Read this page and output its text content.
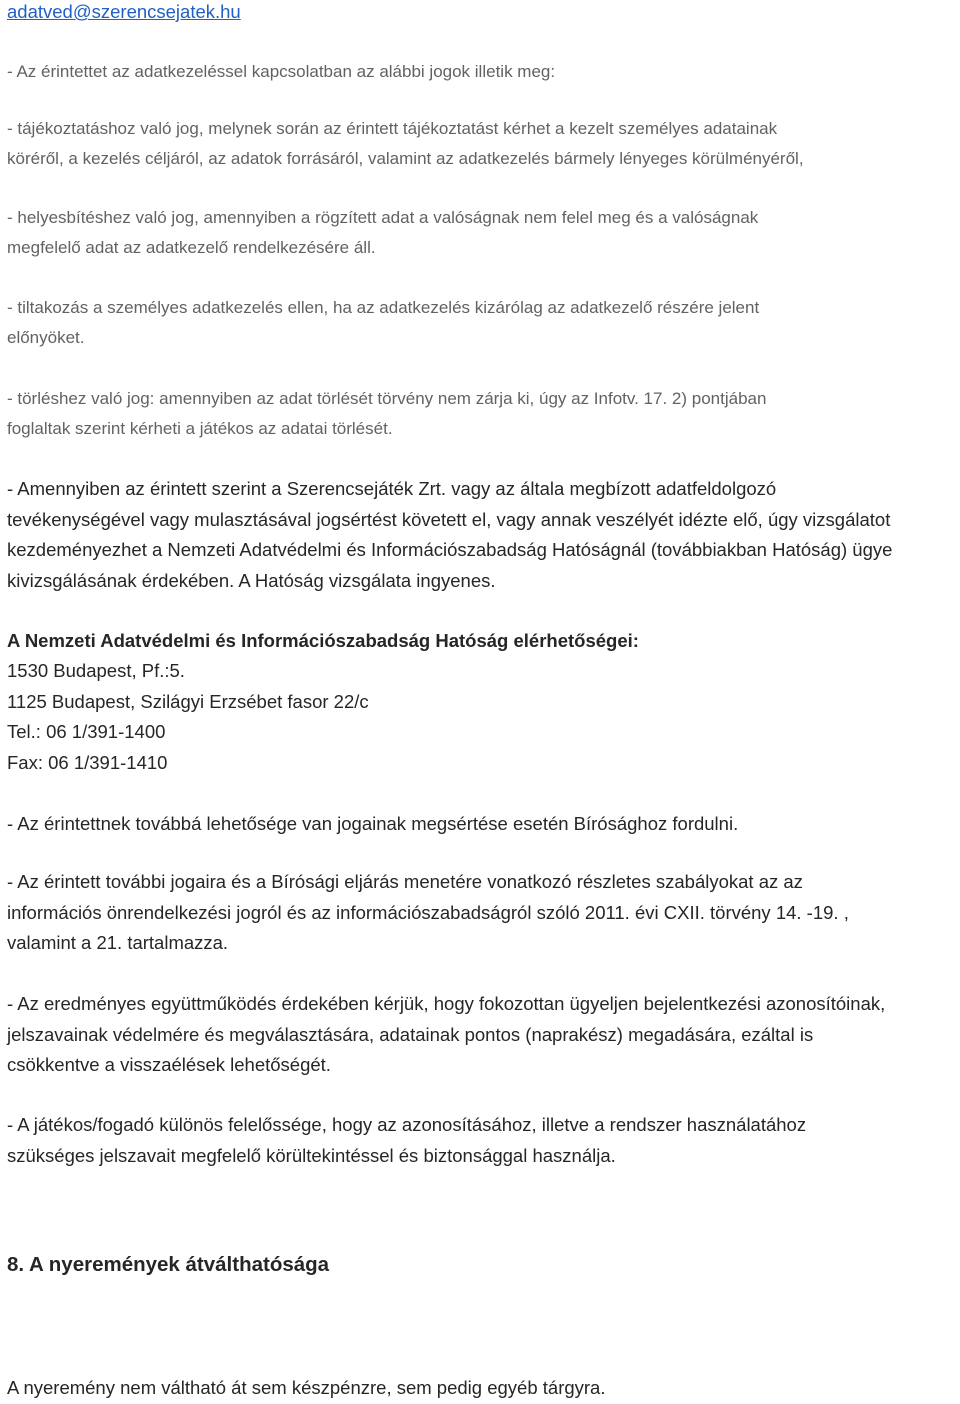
adatved@szerencsejatek.hu

- Az érintettet az adatkezeléssel kapcsolatban az alábbi jogok illetik meg:

- tájékoztatáshoz való jog, melynek során az érintett tájékoztatást kérhet a kezelt személyes adatainak
köréről, a kezelés céljáról, az adatok forrásáról, valamint az adatkezelés bármely lényeges körülményéről,

- helyesbítéshez való jog, amennyiben a rögzített adat a valóságnak nem felel meg és a valóságnak
megfelelő adat az adatkezelő rendelkezésére áll.

- tiltakozás a személyes adatkezelés ellen, ha az adatkezelés kizárólag az adatkezelő részére jelent
előnyöket.

- törléshez való jog: amennyiben az adat törlését törvény nem zárja ki, úgy az Infotv. 17. 2) pontjában
foglaltak szerint kérheti a játékos az adatai törlését.

- Amennyiben az érintett szerint a Szerencsejáték Zrt. vagy az általa megbízott adatfeldolgozó
tevékenységével vagy mulasztásával jogsértést követett el, vagy annak veszélyét idézte elő, úgy vizsgálatot
kezdeményezhet a Nemzeti Adatvédelmi és Információszabadság Hatóságnál (továbbiakban Hatóság) ügye
kivizsgálásának érdekében. A Hatóság vizsgálata ingyenes.

A Nemzeti Adatvédelmi és Információszabadság Hatóság elérhetőségei:

1530 Budapest, Pf.:5.
1125 Budapest, Szilágyi Erzsébet fasor 22/c
Tel.: 06 1/391-1400
Fax: 06 1/391-1410

- Az érintettnek továbbá lehetősége van jogainak megsértése esetén Bírósághoz fordulni.

- Az érintett további jogaira és a Bírósági eljárás menetére vonatkozó részletes szabályokat az az
információs önrendelkezési jogról és az információszabadságról szóló 2011. évi CXII. törvény 14. -19. ,
valamint a 21. tartalmazza.

- Az eredményes együttműködés érdekében kérjük, hogy fokozottan ügyeljen bejelentkezési azonosítóinak,
jelszavainak védelmére és megválasztására, adatainak pontos (naprakész) megadására, ezáltal is
csökkentve a visszaélések lehetőségét.

- A játékos/fogadó különös felelőssége, hogy az azonosításához, illetve a rendszer használatához
szükséges jelszavait megfelelő körültekintéssel és biztonsággal használja.

8. A nyeremények átválthatósága

A nyeremény nem váltható át sem készpénzre, sem pedig egyéb tárgyra.
